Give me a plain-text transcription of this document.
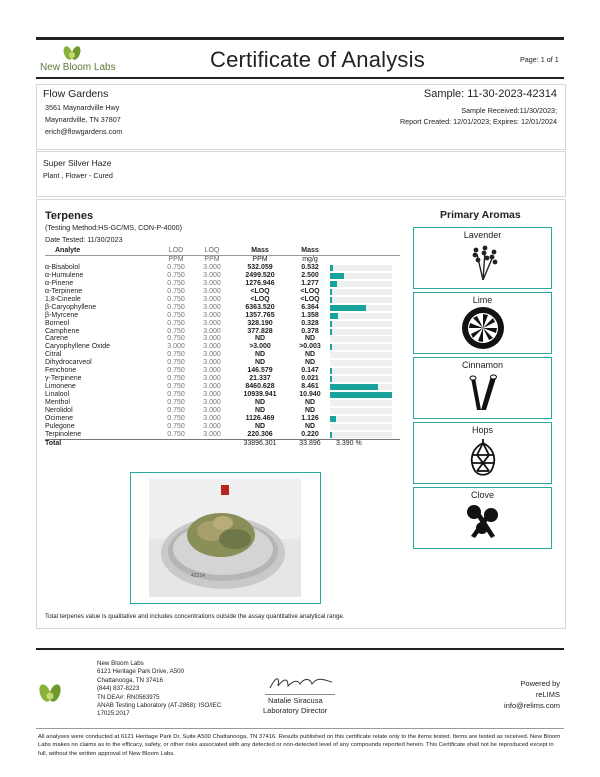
New Bloom Labs	Certificate of Analysis	Page: 1 of 1
Flow Gardens
3561 Maynardville Hwy
Maynardville, TN 37807
erich@flowgardens.com
Sample: 11-30-2023-42314
Sample Received:11/30/2023;
Report Created: 12/01/2023; Expires: 12/01/2024
Super Silver Haze
Plant , Flower - Cured
Terpenes
(Testing Method:HS-GC/MS, CON-P-4000)
Date Tested: 11/30/2023
Analyte	LOD	LOQ	Mass	Mass	
	PPM	PPM	PPM	mg/g	
α-Bisabolol	0.750	3.000	532.059	0.532	

α-Humulene	0.750	3.000	2499.520	2.500	

α-Pinene	0.750	3.000	1276.946	1.277	

α-Terpinene	0.750	3.000	<LOQ	<LOQ	

1,8-Cineole	0.750	3.000	<LOQ	<LOQ	

β-Caryophyllene	0.750	3.000	6363.520	6.364	

β-Myrcene	0.750	3.000	1357.765	1.358	

Borneol	0.750	3.000	328.190	0.328	

Camphene	0.750	3.000	377.828	0.378	

Carene	0.750	3.000	ND	ND	

Caryophyllene Oxide	3.000	3.000	>3.000	>0.003	

Citral	0.750	3.000	ND	ND	

Dihydrocarveol	0.750	3.000	ND	ND	

Fenchone	0.750	3.000	146.579	0.147	

γ-Terpinene	0.750	3.000	21.337	0.021	

Limonene	0.750	3.000	8460.628	8.461	

Linalool	0.750	3.000	10939.941	10.940	

Menthol	0.750	3.000	ND	ND	

Nerolidol	0.750	3.000	ND	ND	

Ocimene	0.750	3.000	1126.469	1.126	

Pulegone	0.750	3.000	ND	ND	

Terpinolene	0.750	3.000	220.306	0.220	

Total			33896.301	33.896	3.390 %
42314
Total terpenes value is qualitative and includes concentrations outside the assay quantitative analytical range.
Primary Aromas
Lavender
Lime
Cinnamon
Hops
Clove
New Bloom Labs
6121 Heritage Park Drive, A500
Chattanooga, TN 37416
(844) 837-8223
TN DEA#: RN0563975
ANAB Testing Laboratory (AT-2868): ISO/IEC
17025:2017
Natalie Siracusa
Laboratory Director
Powered by
reLIMS
info@relims.com
All analyses were conducted at 6121 Heritage Park Dr, Suite A500 Chattanooga, TN 37416. Results published on this certificate relate only to the items tested. Items are tested as received. New Bloom Labs makes no claims as to the efficacy, safety, or other risks associated with any detected or non-detected level of any compounds reported herein. This Certificate shall not be reproduced except in full, without the written approval of New Bloom Labs.
